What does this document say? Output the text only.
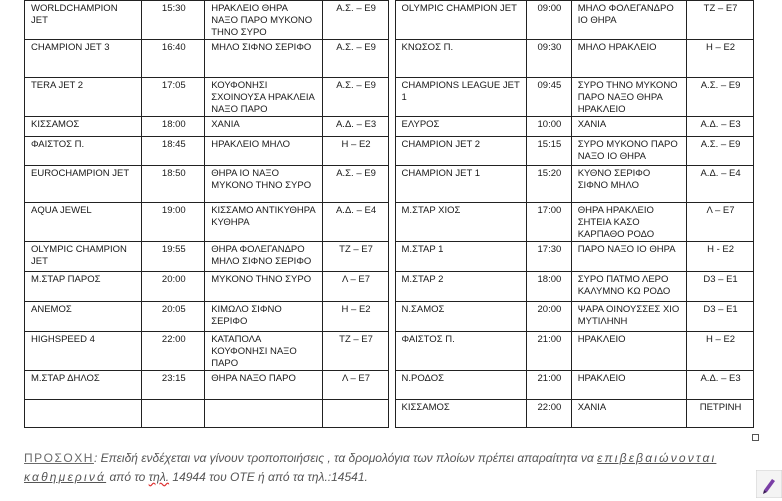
WORLDCHAMPION JET	15:30	ΗΡΑΚΛΕΙΟ ΘΗΡΑ ΝΑΞΟ ΠΑΡΟ ΜΥΚΟΝΟ ΤΗΝΟ ΣΥΡΟ	Α.Σ. – Ε9		OLYMPIC CHAMPION JET	09:00	ΜΗΛΟ ΦΟΛΕΓΑΝΔΡΟ ΙΟ ΘΗΡΑ	ΤΖ – Ε7
CHAMPION JET 3	16:40	ΜΗΛΟ ΣΙΦΝΟ ΣΕΡΙΦΟ	Α.Σ. – Ε9		ΚΝΩΣΟΣ Π.	09:30	ΜΗΛΟ ΗΡΑΚΛΕΙΟ	Η – Ε2
TERA JET 2	17:05	ΚΟΥΦΟΝΗΣΙ ΣΧΟΙΝΟΥΣΑ ΗΡΑΚΛΕΙΑ ΝΑΞΟ ΠΑΡΟ	Α.Σ. – Ε9		CHAMPIONS LEAGUE JET 1	09:45	ΣΥΡΟ ΤΗΝΟ ΜΥΚΟΝΟ ΠΑΡΟ ΝΑΞΟ ΘΗΡΑ ΗΡΑΚΛΕΙΟ	Α.Σ. – Ε9
ΚΙΣΣΑΜΟΣ	18:00	ΧΑΝΙΑ	Α.Δ. – Ε3		ΕΛΥΡΟΣ	10:00	ΧΑΝΙΑ	Α.Δ. – Ε3
ΦΑΙΣΤΟΣ Π.	18:45	ΗΡΑΚΛΕΙΟ ΜΗΛΟ	Η – Ε2		CHAMPION JET 2	15:15	ΣΥΡΟ ΜΥΚΟΝΟ ΠΑΡΟ ΝΑΞΟ ΙΟ ΘΗΡΑ	Α.Σ. – Ε9
EUROCHAMPION JET	18:50	ΘΗΡΑ ΙΟ ΝΑΞΟ ΜΥΚΟΝΟ ΤΗΝΟ ΣΥΡΟ	Α.Σ. – Ε9		CHAMPION JET 1	15:20	ΚΥΘΝΟ ΣΕΡΙΦΟ ΣΙΦΝΟ ΜΗΛΟ	Α.Δ. – Ε4
AQUA JEWEL	19:00	ΚΙΣΣΑΜΟ ΑΝΤΙΚΥΘΗΡΑ ΚΥΘΗΡΑ	Α.Δ. – Ε4		Μ.ΣΤΑΡ ΧΙΟΣ	17:00	ΘΗΡΑ ΗΡΑΚΛΕΙΟ ΣΗΤΕΙΑ ΚΑΣΟ ΚΑΡΠΑΘΟ ΡΟΔΟ	Λ – Ε7
OLYMPIC CHAMPION JET	19:55	ΘΗΡΑ ΦΟΛΕΓΑΝΔΡΟ ΜΗΛΟ ΣΙΦΝΟ ΣΕΡΙΦΟ	ΤΖ – Ε7		Μ.ΣΤΑΡ 1	17:30	ΠΑΡΟ ΝΑΞΟ ΙΟ ΘΗΡΑ	Η - Ε2
Μ.ΣΤΑΡ ΠΑΡΟΣ	20:00	ΜΥΚΟΝΟ ΤΗΝΟ ΣΥΡΟ	Λ – Ε7		Μ.ΣΤΑΡ 2	18:00	ΣΥΡΟ ΠΑΤΜΟ ΛΕΡΟ ΚΑΛΥΜΝΟ ΚΩ ΡΟΔΟ	D3 – Ε1
ΑΝΕΜΟΣ	20:05	ΚΙΜΩΛΟ ΣΙΦΝΟ ΣΕΡΙΦΟ	Η – Ε2		Ν.ΣΑΜΟΣ	20:00	ΨΑΡΑ ΟΙΝΟΥΣΣΕΣ ΧΙΟ ΜΥΤΙΛΗΝΗ	D3 – Ε1
HIGHSPEED 4	22:00	ΚΑΤΑΠΟΛΑ ΚΟΥΦΟΝΗΣΙ ΝΑΞΟ ΠΑΡΟ	ΤΖ – Ε7		ΦΑΙΣΤΟΣ Π.	21:00	ΗΡΑΚΛΕΙΟ	Η – Ε2
Μ.ΣΤΑΡ ΔΗΛΟΣ	23:15	ΘΗΡΑ ΝΑΞΟ ΠΑΡΟ	Λ – Ε7		Ν.ΡΟΔΟΣ	21:00	ΗΡΑΚΛΕΙΟ	Α.Δ. – Ε3
					ΚΙΣΣΑΜΟΣ	22:00	ΧΑΝΙΑ	ΠΕΤΡΙΝΗ
ΠΡΟΣΟΧΗ: Επειδή ενδέχεται να γίνουν τροποποιήσεις , τα δρομολόγια των πλοίων πρέπει απαραίτητα να επιβεβαιώνονται καθημερινά από το τηλ. 14944 του ΟΤΕ ή από τα τηλ.:14541.
